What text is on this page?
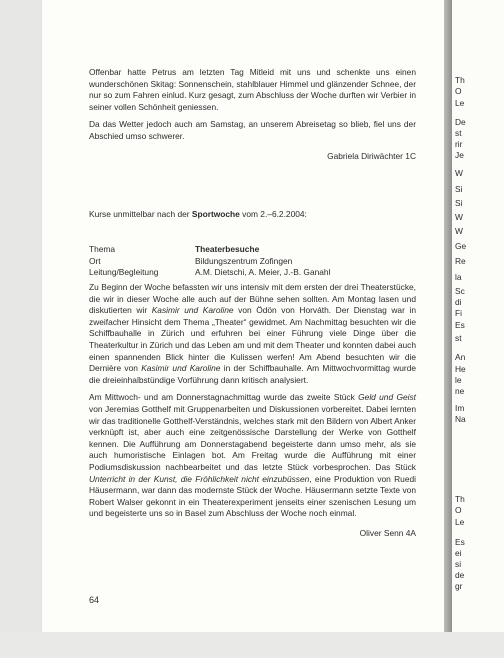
Offenbar hatte Petrus am letzten Tag Mitleid mit uns und schenkte uns einen wunderschönen Skitag: Sonnenschein, stahlblauer Himmel und glänzender Schnee, der nur so zum Fahren einlud. Kurz gesagt, zum Abschluss der Woche durften wir Verbier in seiner vollen Schönheit geniessen.

Da das Wetter jedoch auch am Samstag, an unserem Abreisetag so blieb, fiel uns der Abschied umso schwerer.

Gabriela Diriwächter 1C

Kurse unmittelbar nach der Sportwoche vom 2.–6.2.2004:
Thema	Theaterbesuche
Ort	Bildungszentrum Zofingen
Leitung/Begleitung	A.M. Dietschi, A. Meier, J.-B. Ganahl

Zu Beginn der Woche befassten wir uns intensiv mit dem ersten der drei Theaterstücke, die wir in dieser Woche alle auch auf der Bühne sehen sollten. Am Montag lasen und diskutierten wir Kasimir und Karoline von Ödön von Horváth. Der Dienstag war in zweifacher Hinsicht dem Thema „Theater“ gewidmet. Am Nachmittag besuchten wir die Schiffbauhalle in Zürich und erfuhren bei einer Führung viele Dinge über die Theaterkultur in Zürich und das Leben am und mit dem Theater und konnten dabei auch einen spannenden Blick hinter die Kulissen werfen! Am Abend besuchten wir die Dernière von Kasimir und Karoline in der Schiffbauhalle. Am Mittwochvormittag wurde die dreieinhalbstündige Vorführung dann kritisch analysiert.

Am Mittwoch- und am Donnerstagnachmittag wurde das zweite Stück Geld und Geist von Jeremias Gotthelf mit Gruppenarbeiten und Diskussionen vorbereitet. Dabei lernten wir das traditionelle Gotthelf-Verständnis, welches stark mit den Bildern von Albert Anker verknüpft ist, aber auch eine zeitgenössische Darstellung der Werke von Gotthelf kennen. Die Aufführung am Donnerstagabend begeisterte dann umso mehr, als sie auch humoristische Einlagen bot. Am Freitag wurde die Aufführung mit einer Podiumsdiskussion nachbearbeitet und das letzte Stück vorbesprochen. Das Stück Unterricht in der Kunst, die Fröhlichkeit nicht einzubüssen, eine Produktion von Ruedi Häusermann, war dann das modernste Stück der Woche. Häusermann setzte Texte von Robert Walser gekonnt in ein Theaterexperiment jenseits einer szenischen Lesung um und begeisterte uns so in Basel zum Abschluss der Woche noch einmal.

Oliver Senn 4A

64
Th
O
Le
De
st
rir
Je
W
Si
Si
W
W
Ge
Re
la
Sc
di
Fi
Es
st
An
He
le
ne
Im
Na
Th
O
Le
Es
ei
si
de
gr
